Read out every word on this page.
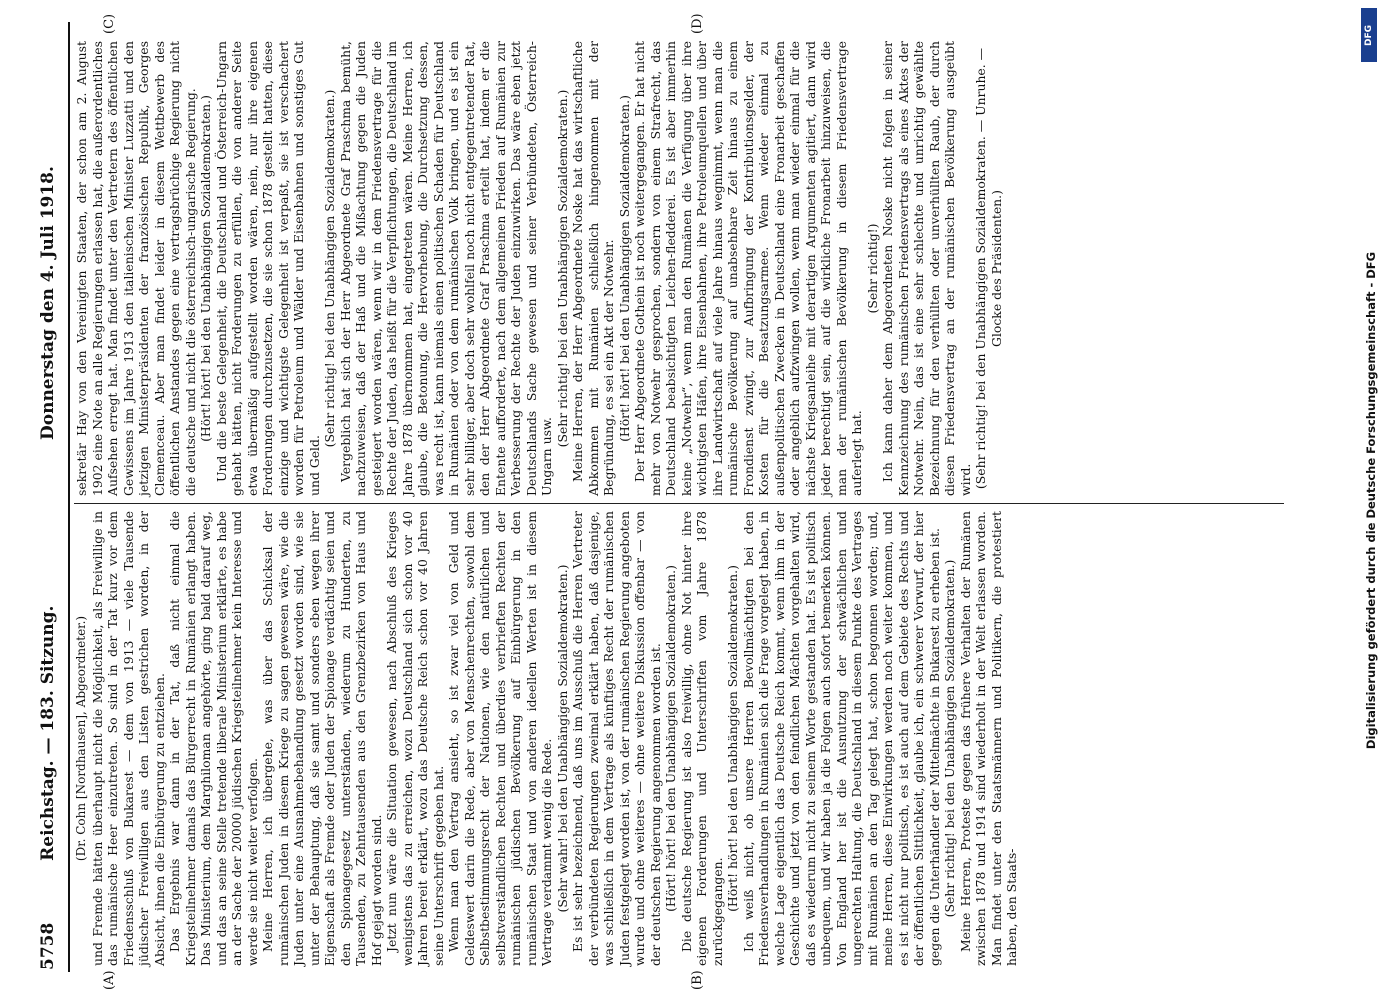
5758  Reichstag. — 183. Sitzung.
Donnerstag den 4. Juli 1918.
(A)	(B)
(C)	(D)

(Dr. Cohn [Nordhausen], Abgeordneter.) und Fremde hätten überhaupt nicht die Möglichkeit, als Freiwillige in das rumänische Heer einzutreten. So sind in der Tat kurz vor dem Friedensschluß von Bukarest — dem von 1913 — viele Tausende jüdischer Freiwilligen aus den Listen gestrichen worden, in der Absicht, ihnen die Einbürgerung zu entziehen. Das Ergebnis war dann in der Tat, daß nicht einmal die Kriegsteilnehmer damals das Bürgerrecht in Rumänien erlangt haben. Das Ministerium, dem Marghiloman angehörte, ging bald darauf weg, und das an seine Stelle tretende liberale Ministerium erklärte, es habe an der Sache der 20000 jüdischen Kriegsteilnehmer kein Interesse und werde sie nicht weiter verfolgen. Meine Herren, ich übergehe, was über das Schicksal der rumänischen Juden in diesem Kriege zu sagen gewesen wäre, wie die Juden unter eine Ausnahmebehandlung gesetzt worden sind, wie sie unter der Behauptung, daß sie samt und sonders eben wegen ihrer Eigenschaft als Fremde oder Juden der Spionage verdächtig seien und den Spionagegesetz unterständen, wiederum zu Hunderten, zu Tausenden, zu Zehntausenden aus den Grenzbezirken von Haus und Hof gejagt worden sind. Jetzt nun wäre die Situation gewesen, nach Abschluß des Krieges wenigstens das zu erreichen, wozu Deutschland sich schon vor 40 Jahren bereit erklärt, wozu das Deutsche Reich schon vor 40 Jahren seine Unterschrift gegeben hat. Wenn man den Vertrag ansieht, so ist zwar viel von Geld und Geldeswert darin die Rede, aber von Menschenrechten, sowohl dem Selbstbestimmungsrecht der Nationen, wie den natürlichen und selbstverständlichen Rechten und überdies verbrieften Rechten der rumänischen jüdischen Bevölkerung auf Einbürgerung in den rumänischen Staat und von anderen ideellen Werten ist in diesem Vertrage verdammt wenig die Rede. (Sehr wahr! bei den Unabhängigen Sozialdemokraten.) Es ist sehr bezeichnend, daß uns im Ausschuß die Herren Vertreter der verbündeten Regierungen zweimal erklärt haben, daß dasjenige, was schließlich in dem Vertrage als künftiges Recht der rumänischen Juden festgelegt worden ist, von der rumänischen Regierung angeboten wurde und ohne weiteres — ohne weitere Diskussion offenbar — von der deutschen Regierung angenommen worden ist. (Hört! hört! bei den Unabhängigen Sozialdemokraten.) Die deutsche Regierung ist also freiwillig, ohne Not hinter ihre eigenen Forderungen und Unterschriften vom Jahre 1878 zurückgegangen. (Hört! hört! bei den Unabhängigen Sozialdemokraten.) Ich weiß nicht, ob unsere Herren Bevollmächtigten bei den Friedensverhandlungen in Rumänien sich die Frage vorgelegt haben, in welche Lage eigentlich das Deutsche Reich kommt, wenn ihm in der Geschichte und jetzt von den feindlichen Mächten vorgehalten wird, daß es wiederum nicht zu seinem Worte gestanden hat. Es ist politisch unbequem, und wir haben ja die Folgen auch sofort bemerken können. Von England her ist die Ausnutzung der schwächlichen und ungerechten Haltung, die Deutschland in diesem Punkte des Vertrages mit Rumänien an den Tag gelegt hat, schon begonnen worden; und, meine Herren, diese Einwirkungen werden noch weiter kommen, und es ist nicht nur politisch, es ist auch auf dem Gebiete des Rechts und der öffentlichen Sittlichkeit, glaube ich, ein schwerer Vorwurf, der hier gegen die Unterhändler der Mittelmächte in Bukarest zu erheben ist. (Sehr richtig! bei den Unabhängigen Sozialdemokraten.) Meine Herren, Proteste gegen das frühere Verhalten der Rumänen zwischen 1878 und 1914 sind wiederholt in der Welt erlassen worden. Man findet unter den Staatsmännern und Politikern, die protestiert haben, den Staats-

sekretär Hay von den Vereinigten Staaten, der schon am 2. August 1902 eine Note an alle Regierungen erlassen hat, die außerordentliches Aufsehen erregt hat. Man findet unter den Vertretern des öffentlichen Gewissens im Jahre 1913 den italienischen Minister Luzzatti und den jetzigen Ministerpräsidenten der französischen Republik, Georges Clemenceau. Aber man findet leider in diesem Wettbewerb des öffentlichen Anstandes gegen eine vertragsbrüchige Regierung nicht die deutsche und nicht die österreichisch-ungarische Regierung. (Hört! hört! bei den Unabhängigen Sozialdemokraten.) Und die beste Gelegenheit, die Deutschland und Österreich-Ungarn gehabt hätten, nicht Forderungen zu erfüllen, die von anderer Seite etwa übermäßig aufgestellt worden wären, nein, nur ihre eigenen Forderungen durchzusetzen, die sie schon 1878 gestellt hatten, diese einzige und wichtigste Gelegenheit ist verpaßt, sie ist verschachert worden für Petroleum und Wälder und Eisenbahnen und sonstiges Gut und Geld.

(Sehr richtig! bei den Unabhängigen Sozialdemokraten.) Vergeblich hat sich der Herr Abgeordnete Graf Praschma bemüht, nachzuweisen, daß der Haß und die Mißachtung gegen die Juden gesteigert worden wären, wenn wir in dem Friedensvertrage für die Rechte der Juden, das heißt für die Verpflichtungen, die Deutschland im Jahre 1878 übernommen hat, eingetreten wären. Meine Herren, ich glaube, die Betonung, die Hervorhebung, die Durchsetzung dessen, was recht ist, kann niemals einen politischen Schaden für Deutschland in Rumänien oder von dem rumänischen Volk bringen, und es ist ein sehr billiger, aber doch sehr wohlfeil noch nicht entgegentretender Rat, den der Herr Abgeordnete Graf Praschma erteilt hat, indem er die Entente aufforderte, nach dem allgemeinen Frieden auf Rumänien zur Verbesserung der Rechte der Juden einzuwirken. Das wäre eben jetzt Deutschlands Sache gewesen und seiner Verbündeten, Österreich-Ungarn usw.

(Sehr richtig! bei den Unabhängigen Sozialdemokraten.) Meine Herren, der Herr Abgeordnete Noske hat das wirtschaftliche Abkommen mit Rumänien schließlich hingenommen mit der Begründung, es sei ein Akt der Notwehr. (Hört! hört! bei den Unabhängigen Sozialdemokraten.) Der Herr Abgeordnete Gothein ist noch weitergegangen. Er hat nicht mehr von Notwehr gesprochen, sondern von einem Strafrecht, das Deutschland beabsichtigten Leichen-fledderei. Es ist aber immerhin keine „Notwehr“, wenn man den Rumänen die Verfügung über ihre wichtigsten Häfen, ihre Eisenbahnen, ihre Petroleumquellen und über ihre Landwirtschaft auf viele Jahre hinaus wegnimmt, wenn man die rumänische Bevölkerung auf unabsehbare Zeit hinaus zu einem Frondienst zwingt, zur Aufbringung der Kontributionsgelder, der Kosten für die Besatzungsarmee. Wenn wieder einmal zu außenpolitischen Zwecken in Deutschland eine Fronarbeit geschaffen oder angeblich aufzwingen wollen, wenn man wieder einmal für die nächste Kriegsanleihe mit derartigen Argumenten agitiert, dann wird jeder berechtigt sein, auf die wirkliche Fronarbeit hinzuweisen, die man der rumänischen Bevölkerung in diesem Friedensvertrage auferlegt hat.

(Sehr richtig!) Ich kann daher dem Abgeordneten Noske nicht folgen in seiner Kennzeichnung des rumänischen Friedensvertrags als eines Aktes der Notwehr. Nein, das ist eine sehr schlechte und unrichtig gewählte Bezeichnung für den verhüllten oder unverhüllten Raub, der durch diesen Friedensvertrag an der rumänischen Bevölkerung ausgeübt wird. (Sehr richtig! bei den Unabhängigen Sozialdemokraten. — Unruhe. — Glocke des Präsidenten.)	Digitalisierung gefördert durch die Deutsche Forschungsgemeinschaft - DFG
DFG
